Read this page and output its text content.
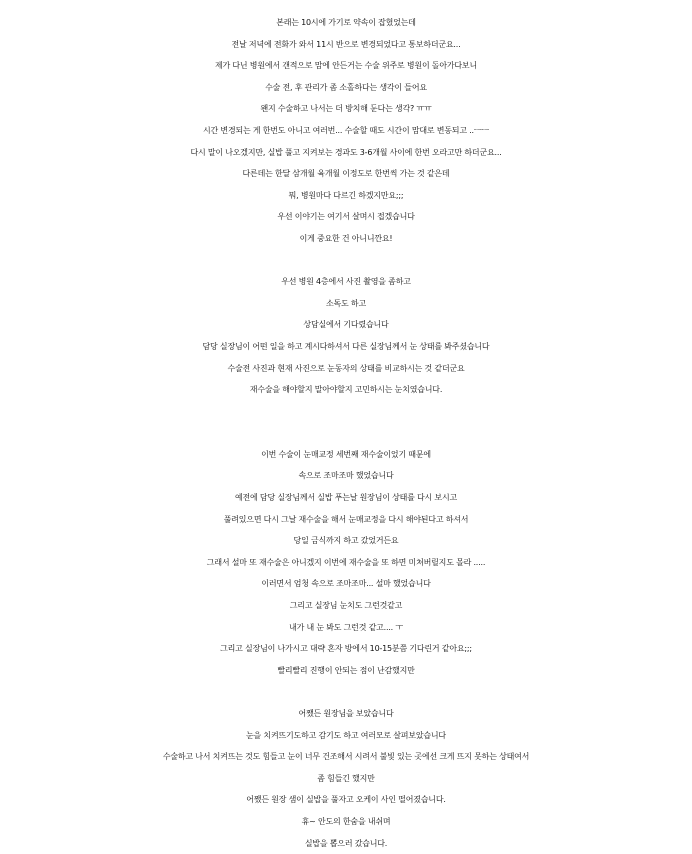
본래는 10시에 가기로 약속이 잡혔었는데
전날 저녁에 전화가 와서 11시 반으로 변경되었다고 통보하더군요...
제가 다닌 병원에서 갠적으로 맘에 안든거는 수술 위주로 병원이 돌아가다보니
수술 전, 후 관리가 좀 소홀하다는 생각이 들어요
왠지 수술하고 나서는 더 방치해 둔다는 생각? ㅠㅠ
시간 변경되는 게 한번도 아니고 여러번... 수술할 때도 시간이 맘대로 변동되고 ..ㅡㅡ
다시 말이 나오겠지만, 실밥 풀고 지켜보는 경과도 3-6개월 사이에 한번 오라고만 하더군요...
다른데는 한달 삼개월 육개월 이정도로 한번씩 가는 것 같은데
뭐, 병원마다 다르긴 하겠지만요;;;
우선 이야기는 여기서 살며시 접겠습니다
이게 중요한 건 아니니깐요!
우선 병원 4층에서 사진 촬영을 좀하고
소독도 하고
상담실에서 기다렸습니다
담당 실장님이 어떤 일을 하고 계시다하셔서 다른 실장님께서 눈 상태를 봐주셨습니다
수술전 사진과 현재 사진으로 눈동자의 상태를 비교하시는 것 같더군요
재수술을 해야할지 말아야할지 고민하시는 눈치였습니다.
이번 수술이 눈매교정 세번째 재수술이었기 때문에
속으로 조마조마 했었습니다
예전에 담당 실장님께서 실밥 푸는날 원장님이 상태를 다시 보시고
풀려있으면 다시 그날 재수술을 해서 눈매교정을 다시 해야된다고 하셔서
당일 금식까지 하고 갔었거든요
그래서 설마 또 재수술은 아니겠지 이번에 재수술을 또 하면 미쳐버릴지도 몰라 .....
이러면서 엄청 속으로 조마조마... 설마 했었습니다
그리고 실장님 눈치도 그런것같고
내가 내 눈 봐도 그런것 같고.... ㅜ
그리고 실장님이 나가시고 대략 혼자 방에서 10-15분쯤 기다린거 같아요;;;
빨리빨리 진행이 안되는 점이 난감했지만
어쨌든 원장님을 보았습니다
눈을 치켜뜨기도하고 감기도 하고 여러모로 살펴보았습니다
수술하고 나서 치켜뜨는 것도 힘들고 눈이 너무 건조해서 시려서 불빛 있는 곳에선 크게 뜨지 못하는 상태여서
좀 힘들긴 했지만
어쨌든 원장 샘이 실밥을 풀자고 오케이 사인 떨어졌습니다.
휴~ 안도의 한숨을 내쉬며
실밥을 뽑으러 갔습니다.
